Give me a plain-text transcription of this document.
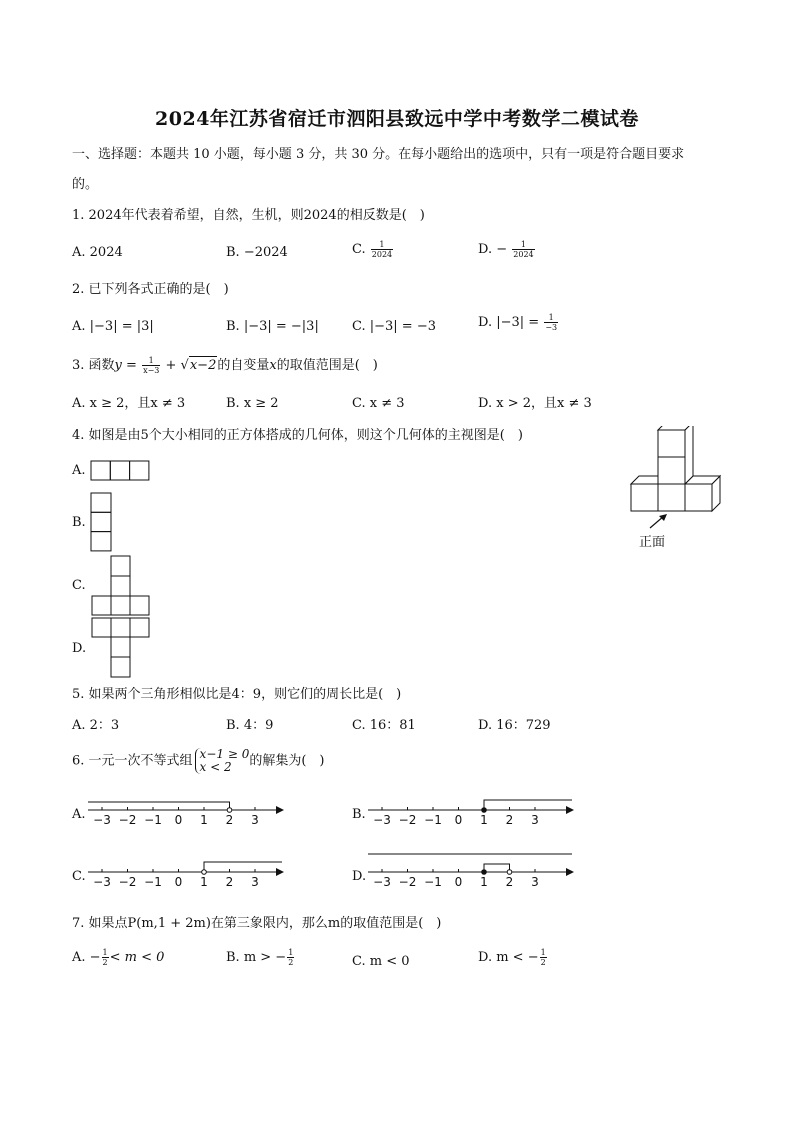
2024年江苏省宿迁市泗阳县致远中学中考数学二模试卷
一、选择题：本题共 10 小题，每小题 3 分，共 30 分。在每小题给出的选项中，只有一项是符合题目要求
的。
1. 2024年代表着希望，自然，生机，则2024的相反数是(　)
A. 2024	B. −2024	C. $\frac{1}{2024}$	D. − $\frac{1}{2024}$
2. 已下列各式正确的是(　)
A. |−3| = |3|	B. |−3| = −|3|	C. |−3| = −3	D. $|-3| = \frac{1}{-3}$
3. 函数$y = \frac{1}{x-3} + √x-2$的自变量x的取值范围是(　)
A. x ≥ 2，且x ≠ 3	B. x ≥ 2	C. x ≠ 3	D. x > 2，且x ≠ 3
4. 如图是由5个大小相同的正方体搭成的几何体，则这个几何体的主视图是(　)
A.
B.
C.
D.
正面
5. 如果两个三角形相似比是4：9，则它们的周长比是(　)
A. 2：3	B. 4：9	C. 16：81	D. 16：729
6. 一元一次不等式组 x−1 ≥ 0
x < 2	的解集为(　)
A. −3 −2 −1 0 1 2 3	B. −3 −2 −1 0 1 2 3
C. −3 −2 −1 0 1 2 3	D. −3 −2 −1 0 1 2 3
7. 如果点P(m,1 + 2m)在第三象限内，那么m的取值范围是(　)
A. − $\frac{1}{2} < m < 0$	B. m > − $\frac{1}{2}$	C. m < 0	D. m < − $\frac{1}{2}$
